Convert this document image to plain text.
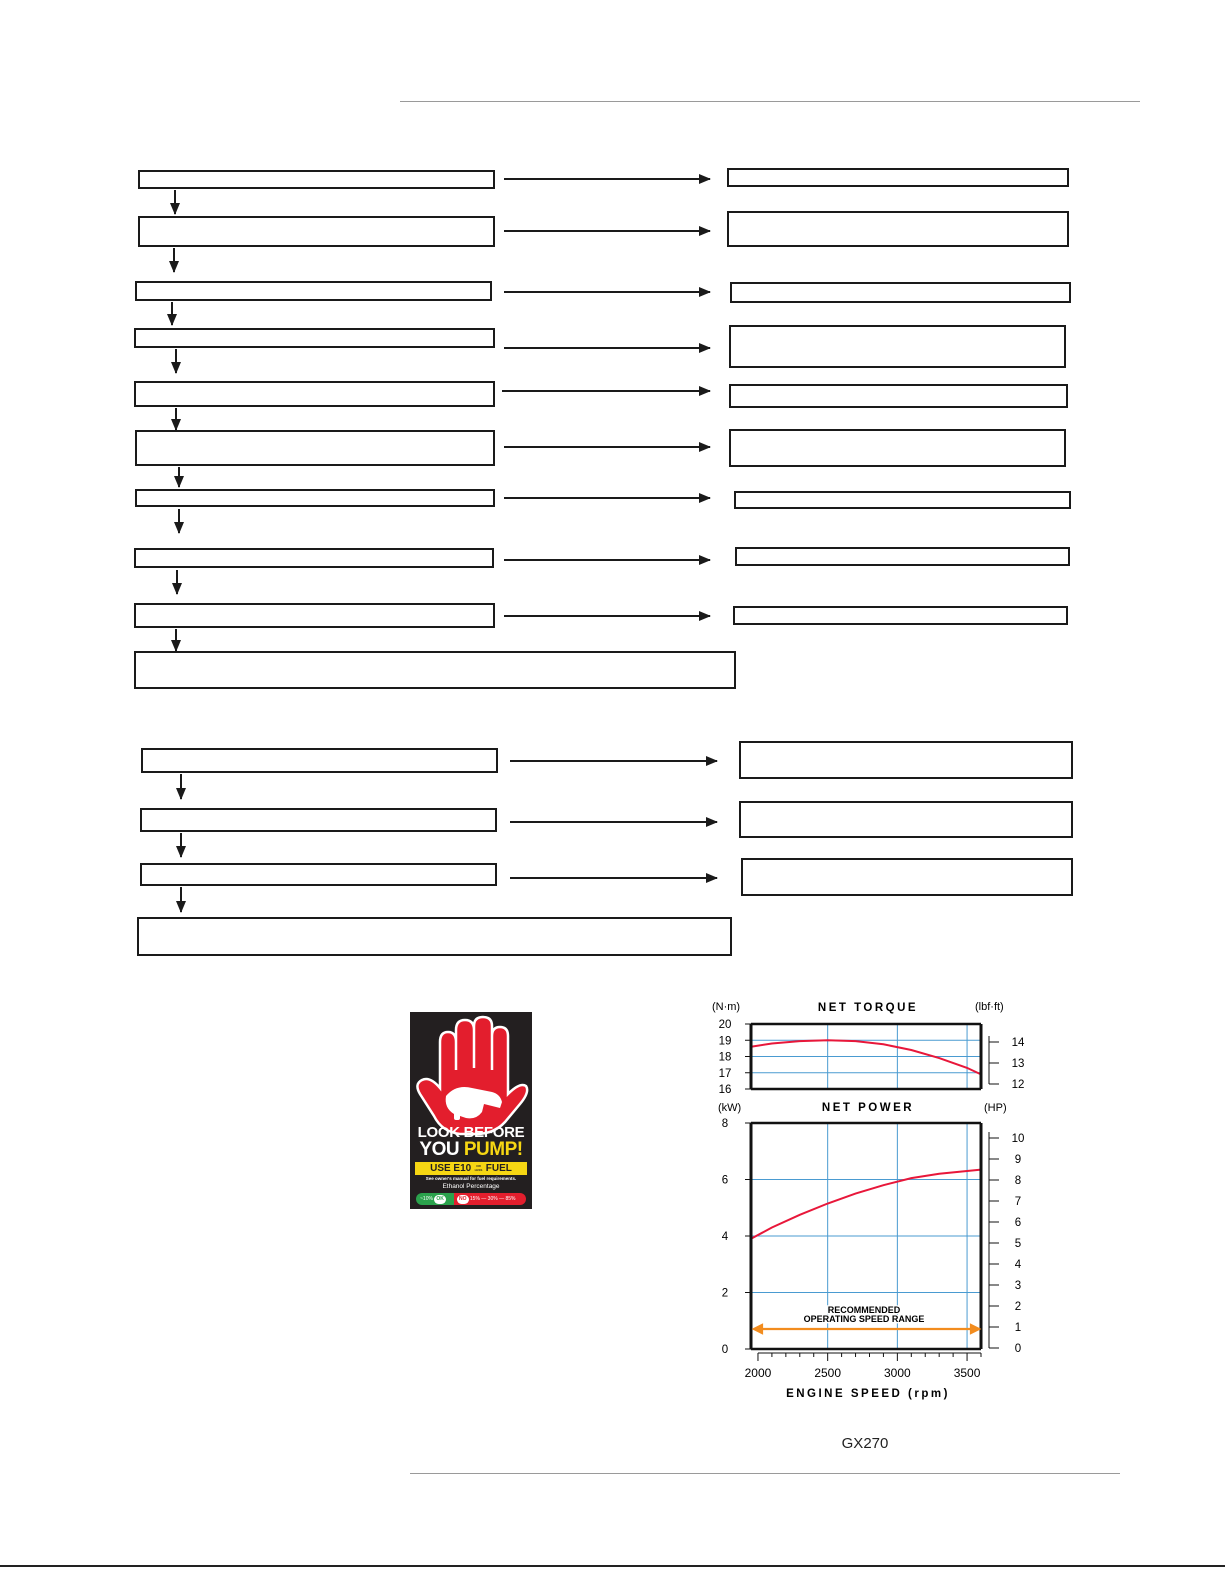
LOOK BEFORE
YOU PUMP!
USE E10 OR LESS FUEL
See owner's manual for fuel requirements.
Ethanol Percentage
~10% OK	NO 15% — 30% — 85%
(N·m)	NET TORQUE	(lbf·ft)
20
19
18
17
16
14
13
12
(kW)	NET POWER	(HP)
8
6
4
2
0
10
9
8
7
6
5
4
3
2
1
0
2000	2500	3000	3500
RECOMMENDED
OPERATING SPEED RANGE
ENGINE SPEED (rpm)
GX270
